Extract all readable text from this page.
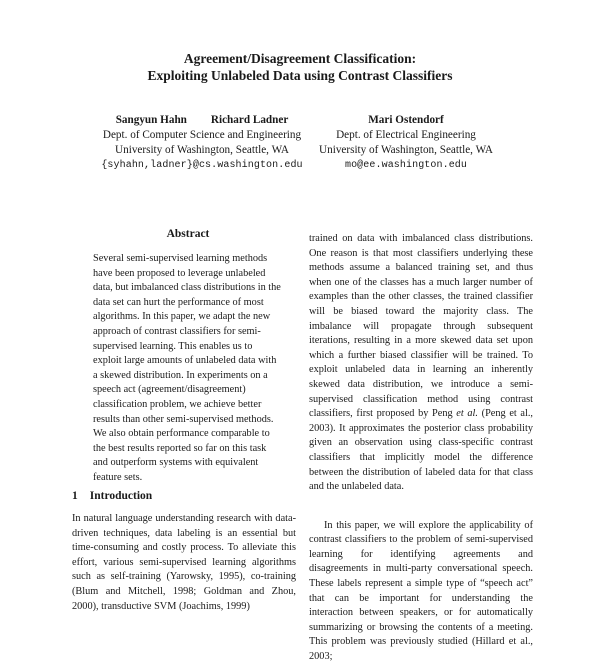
Agreement/Disagreement Classification:
Exploiting Unlabeled Data using Contrast Classifiers
Sangyun Hahn Richard Ladner
Dept. of Computer Science and Engineering
University of Washington, Seattle, WA
{syhahn,ladner}@cs.washington.edu
Mari Ostendorf
Dept. of Electrical Engineering
University of Washington, Seattle, WA
mo@ee.washington.edu
Abstract
Several semi-supervised learning methods have been proposed to leverage unlabeled data, but imbalanced class distributions in the data set can hurt the performance of most algorithms. In this paper, we adapt the new approach of contrast classifiers for semi-supervised learning. This enables us to exploit large amounts of unlabeled data with a skewed distribution. In experiments on a speech act (agreement/disagreement) classification problem, we achieve better results than other semi-supervised methods. We also obtain performance comparable to the best results reported so far on this task and outperform systems with equivalent feature sets.

trained on data with imbalanced class distributions. One reason is that most classifiers underlying these methods assume a balanced training set, and thus when one of the classes has a much larger number of examples than the other classes, the trained classifier will be biased toward the majority class. The imbalance will propagate through subsequent iterations, resulting in a more skewed data set upon which a further biased classifier will be trained. To exploit unlabeled data in learning an inherently skewed data distribution, we introduce a semi-supervised classification method using contrast classifiers, first proposed by Peng et al. (Peng et al., 2003). It approximates the posterior class probability given an observation using class-specific contrast classifiers that implicitly model the difference between the distribution of labeled data for that class and the unlabeled data.

In this paper, we will explore the applicability of contrast classifiers to the problem of semi-supervised learning for identifying agreements and disagreements in multi-party conversational speech. These labels represent a simple type of “speech act” that can be important for understanding the interaction between speakers, or for automatically summarizing or browsing the contents of a meeting. This problem was previously studied (Hillard et al., 2003;

1 Introduction

In natural language understanding research with data-driven techniques, data labeling is an essential but time-consuming and costly process. To alleviate this effort, various semi-supervised learning algorithms such as self-training (Yarowsky, 1995), co-training (Blum and Mitchell, 1998; Goldman and Zhou, 2000), transductive SVM (Joachims, 1999)
